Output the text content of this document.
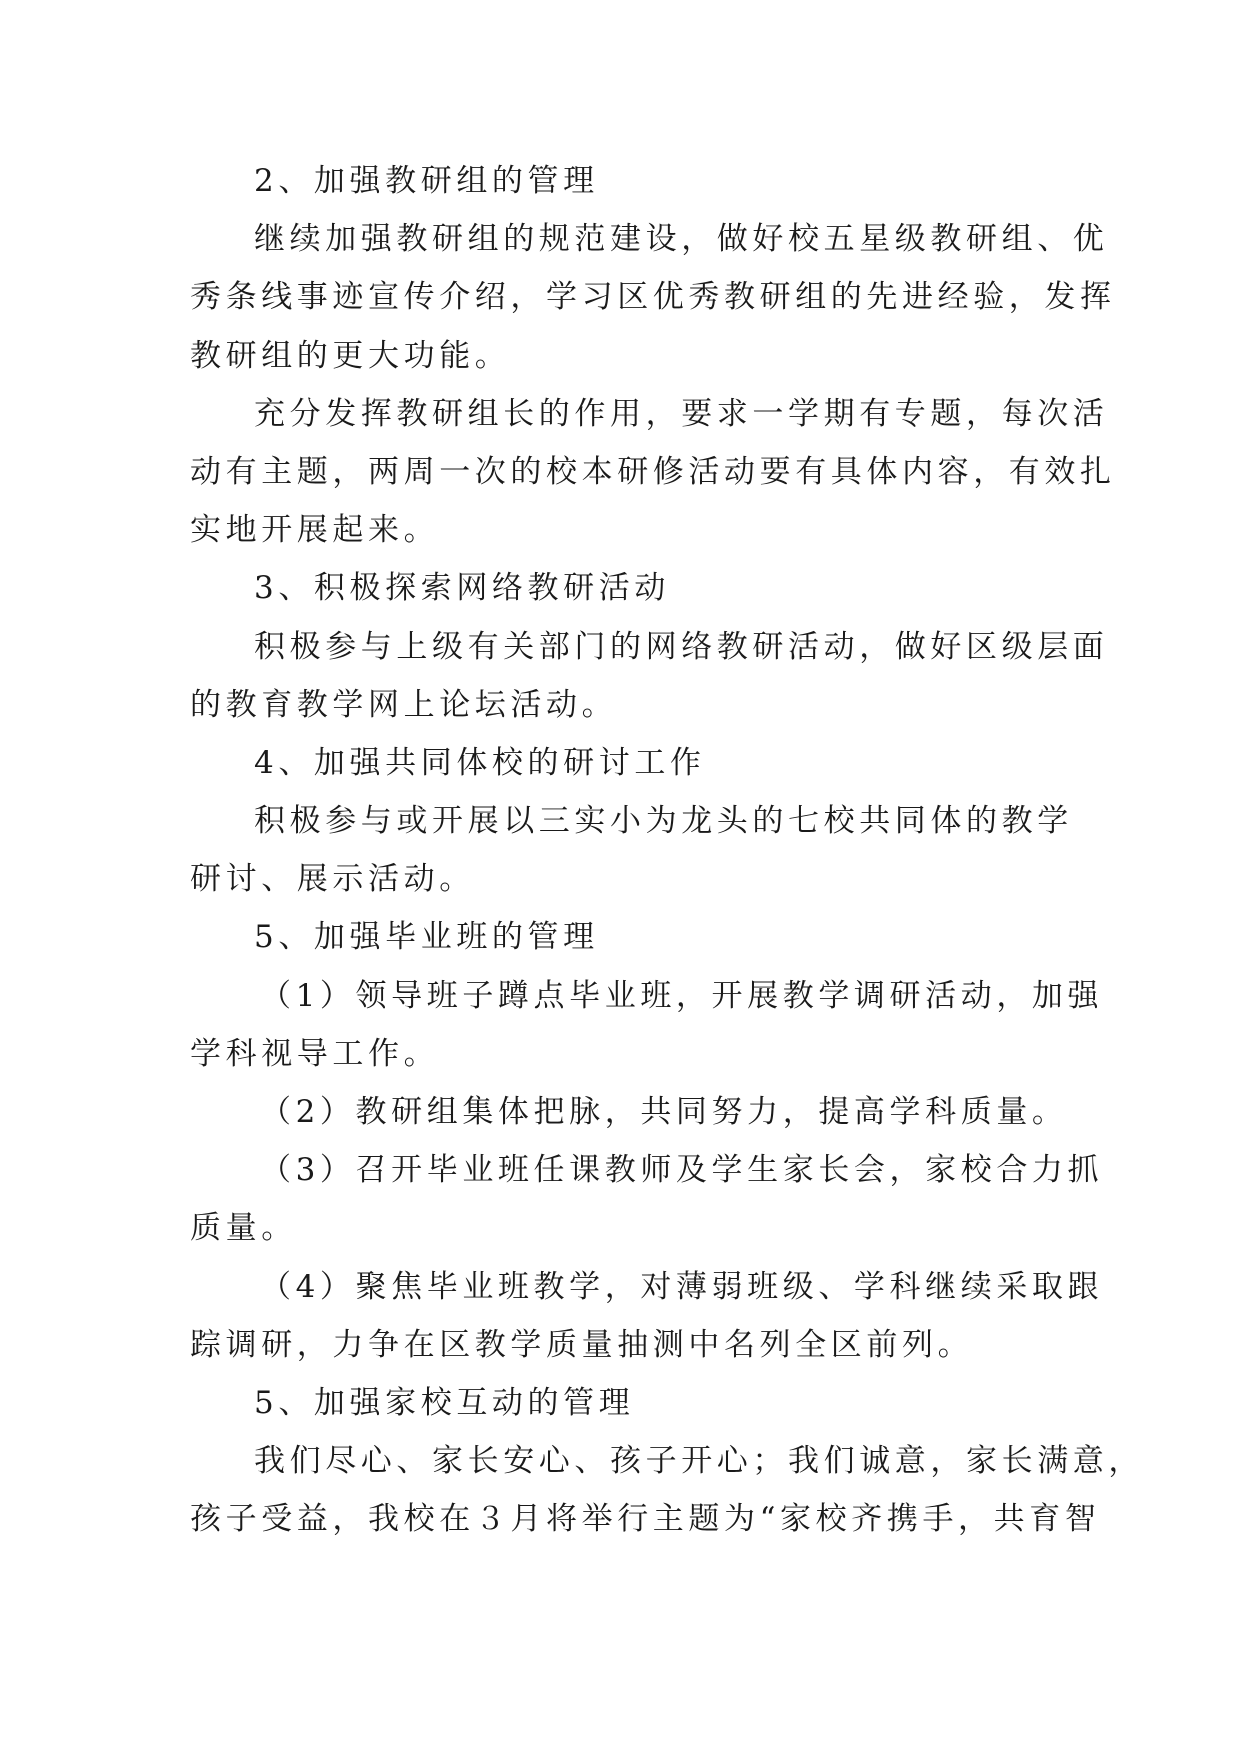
2、加强教研组的管理
继续加强教研组的规范建设，做好校五星级教研组、优
秀条线事迹宣传介绍，学习区优秀教研组的先进经验，发挥
教研组的更大功能。
充分发挥教研组长的作用，要求一学期有专题，每次活
动有主题，两周一次的校本研修活动要有具体内容，有效扎
实地开展起来。
3、积极探索网络教研活动
积极参与上级有关部门的网络教研活动，做好区级层面
的教育教学网上论坛活动。
4、加强共同体校的研讨工作
积极参与或开展以三实小为龙头的七校共同体的教学
研讨、展示活动。
5、加强毕业班的管理
（1）领导班子蹲点毕业班，开展教学调研活动，加强
学科视导工作。
（2）教研组集体把脉，共同努力，提高学科质量。
（3）召开毕业班任课教师及学生家长会，家校合力抓
质量。
（4）聚焦毕业班教学，对薄弱班级、学科继续采取跟
踪调研，力争在区教学质量抽测中名列全区前列。
5、加强家校互动的管理
我们尽心、家长安心、孩子开心；我们诚意，家长满意，
孩子受益，我校在３月将举行主题为“家校齐携手，共育智
